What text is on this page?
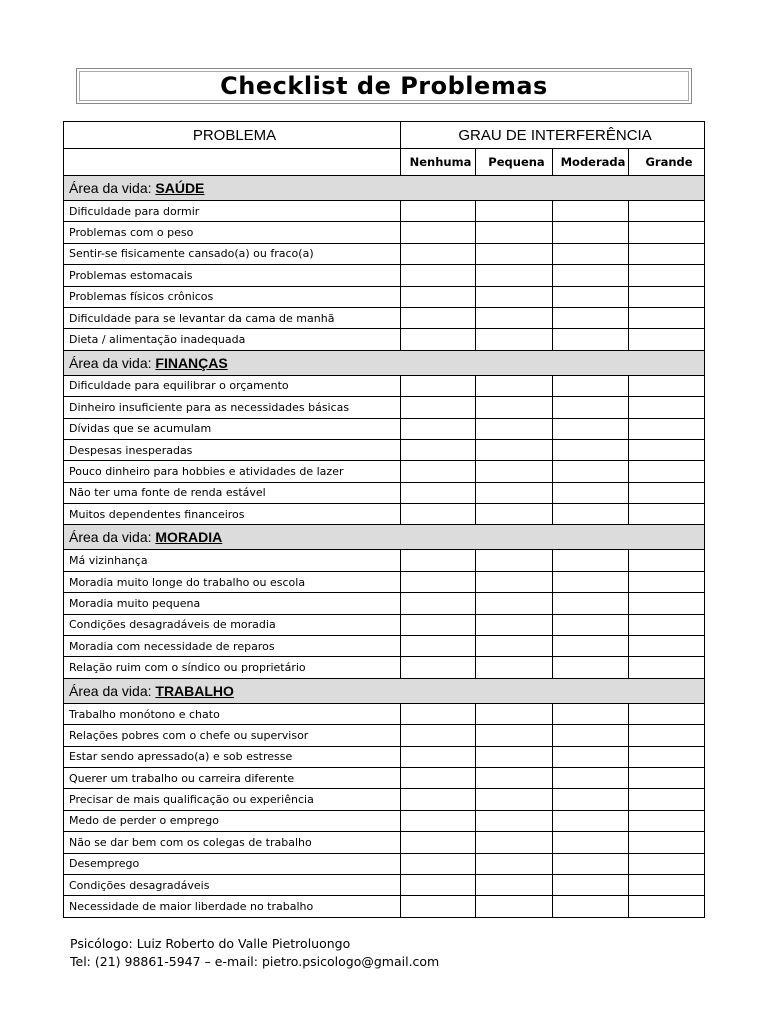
Checklist de Problemas
PROBLEMA	GRAU DE INTERFERÊNCIA			
	Nenhuma	Pequena	Moderada	Grande
Área da vida: SAÚDE				
Dificuldade para dormir				
Problemas com o peso				
Sentir-se fisicamente cansado(a) ou fraco(a)				
Problemas estomacais				
Problemas físicos crônicos				
Dificuldade para se levantar da cama de manhã				
Dieta / alimentação inadequada				
Área da vida: FINANÇAS				
Dificuldade para equilibrar o orçamento				
Dinheiro insuficiente para as necessidades básicas				
Dívidas que se acumulam				
Despesas inesperadas				
Pouco dinheiro para hobbies e atividades de lazer				
Não ter uma fonte de renda estável				
Muitos dependentes financeiros				
Área da vida: MORADIA				
Má vizinhança				
Moradia muito longe do trabalho ou escola				
Moradia muito pequena				
Condições desagradáveis de moradia				
Moradia com necessidade de reparos				
Relação ruim com o síndico ou proprietário				
Área da vida: TRABALHO				
Trabalho monótono e chato				
Relações pobres com o chefe ou supervisor				
Estar sendo apressado(a) e sob estresse				
Querer um trabalho ou carreira diferente				
Precisar de mais qualificação ou experiência				
Medo de perder o emprego				
Não se dar bem com os colegas de trabalho				
Desemprego				
Condições desagradáveis				
Necessidade de maior liberdade no trabalho				
Psicólogo: Luiz Roberto do Valle Pietroluongo
Tel: (21) 98861-5947 – e-mail: pietro.psicologo@gmail.com
